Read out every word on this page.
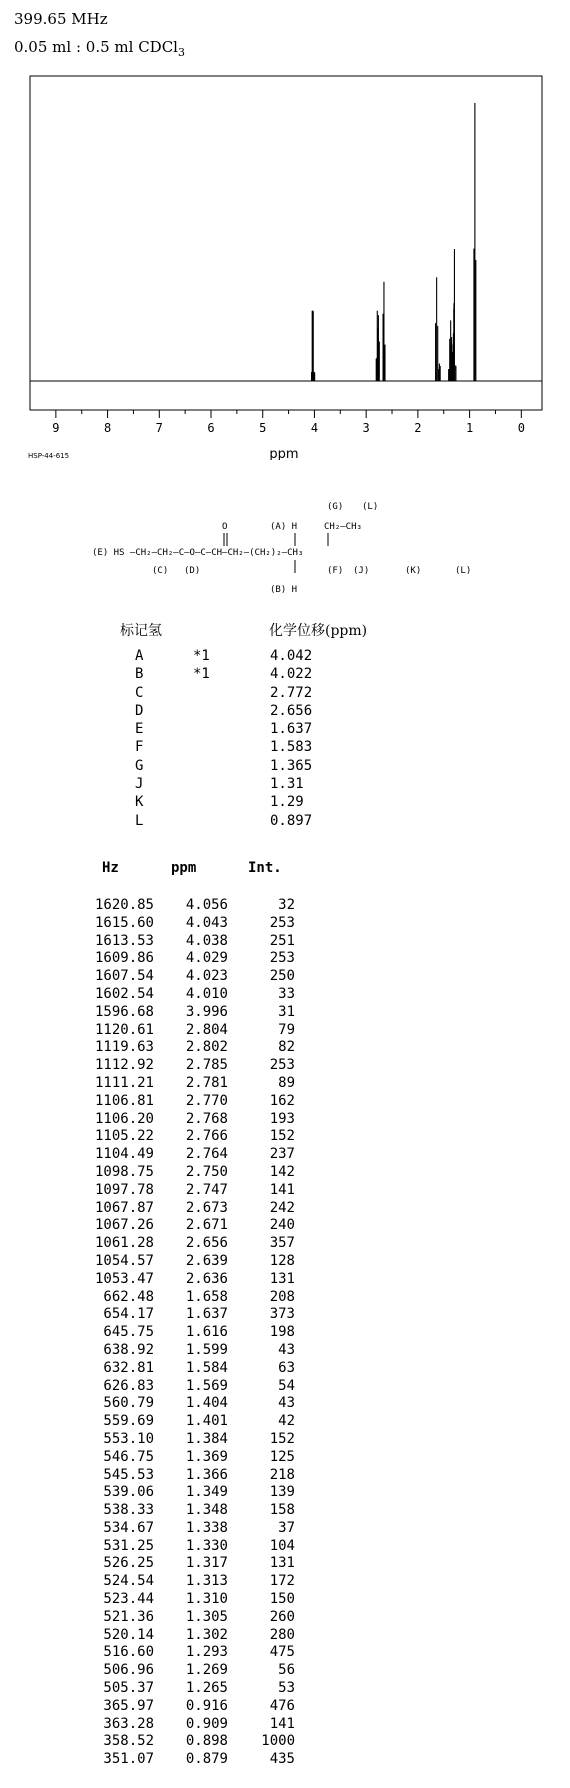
399.65 MHz
0.05 ml : 0.5 ml CDCl$_3$
9	8	7	6	5	4	3	2	1	0
ppm
HSP-44-615
(G) (L)
O	(A) H	CH₂—CH₃
(E) HS —CH₂—CH₂—C—O—C—CH—CH₂—(CH₂)₂—CH₃
(C) (D)	(F) (J)	(K)	(L)
(B) H
标记氢	化学位移(ppm)
A	*1	4.042
B	*1	4.022
C	2.772
D	2.656
E	1.637
F	1.583
G	1.365
J	1.31
K	1.29
L	0.897
Hz	ppm	Int.
1620.85	4.056	32
1615.60	4.043	253
1613.53	4.038	251
1609.86	4.029	253
1607.54	4.023	250
1602.54	4.010	33
1596.68	3.996	31
1120.61	2.804	79
1119.63	2.802	82
1112.92	2.785	253
1111.21	2.781	89
1106.81	2.770	162
1106.20	2.768	193
1105.22	2.766	152
1104.49	2.764	237
1098.75	2.750	142
1097.78	2.747	141
1067.87	2.673	242
1067.26	2.671	240
1061.28	2.656	357
1054.57	2.639	128
1053.47	2.636	131
662.48	1.658	208
654.17	1.637	373
645.75	1.616	198
638.92	1.599	43
632.81	1.584	63
626.83	1.569	54
560.79	1.404	43
559.69	1.401	42
553.10	1.384	152
546.75	1.369	125
545.53	1.366	218
539.06	1.349	139
538.33	1.348	158
534.67	1.338	37
531.25	1.330	104
526.25	1.317	131
524.54	1.313	172
523.44	1.310	150
521.36	1.305	260
520.14	1.302	280
516.60	1.293	475
506.96	1.269	56
505.37	1.265	53
365.97	0.916	476
363.28	0.909	141
358.52	0.898	1000
351.07	0.879	435
